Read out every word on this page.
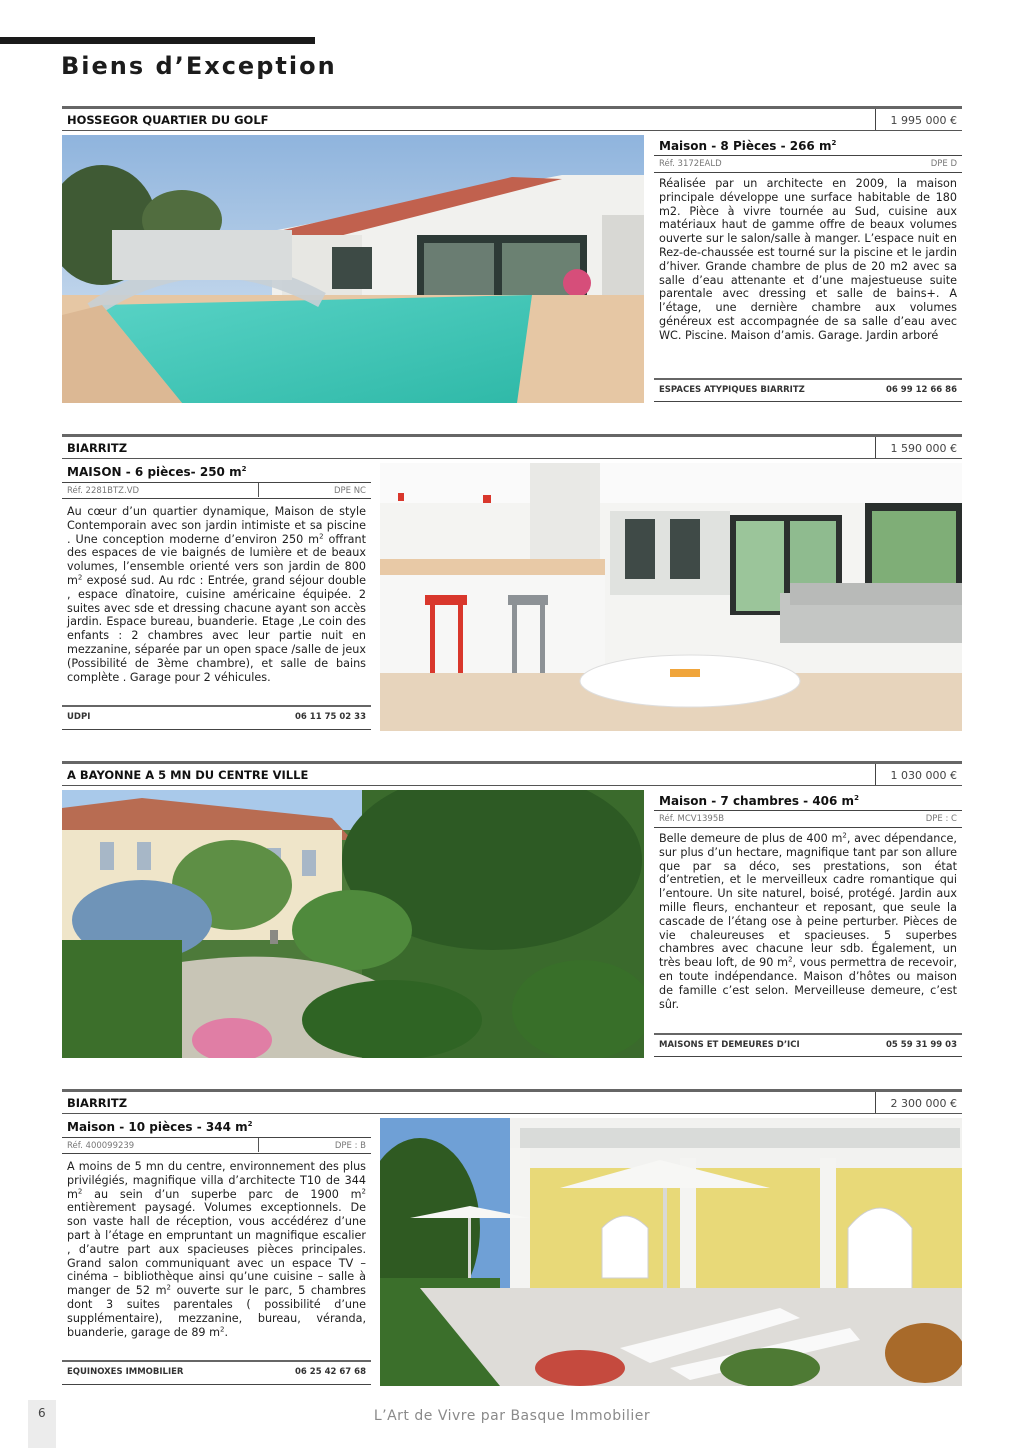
Biens d’Exception
HOSSEGOR QUARTIER DU GOLF	1 995 000 €
Maison - 8 Pièces - 266 $m^2$
Réf. 3172EALD	DPE D
Réalisée par un architecte en 2009, la maison principale développe une surface habitable de 180 m2. Pièce à vivre tournée au Sud, cuisine aux matériaux haut de gamme offre de beaux volumes ouverte sur le salon/salle à manger. L’espace nuit en Rez-de-chaussée est tourné sur la piscine et le jardin d’hiver. Grande chambre de plus de 20 m2 avec sa salle d’eau attenante et d’une majestueuse suite parentale avec dressing et salle de bains+. A l’étage, une dernière chambre aux volumes généreux est accompagnée de sa salle d’eau avec WC. Piscine. Maison d’amis. Garage. Jardin arboré
ESPACES ATYPIQUES BIARRITZ	06 99 12 66 86
BIARRITZ	1 590 000 €
MAISON - 6 pièces- 250 $m^2$
Réf. 2281BTZ.VD	DPE NC
Au cœur d’un quartier dynamique, Maison de style Contemporain avec son jardin intimiste et sa piscine . Une conception moderne d’environ 250 $m^2$ offrant des espaces de vie baignés de lumière et de beaux volumes, l’ensemble orienté vers son jardin de 800 $m^2$ exposé sud. Au rdc : Entrée, grand séjour double , espace dînatoire, cuisine américaine équipée. 2 suites avec sde et dressing chacune ayant son accès jardin. Espace bureau, buanderie. Etage ,Le coin des enfants : 2 chambres avec leur partie nuit en mezzanine, séparée par un open space /salle de jeux (Possibilité de 3ème chambre), et salle de bains complète . Garage pour 2 véhicules.
UDPI	06 11 75 02 33
A BAYONNE A 5 MN DU CENTRE VILLE	1 030 000 €
Maison - 7 chambres - 406 $m^2$
Réf. MCV1395B	DPE : C
Belle demeure de plus de 400 $m^2$, avec dépendance, sur plus d’un hectare, magnifique tant par son allure que par sa déco, ses prestations, son état d’entretien, et le merveilleux cadre romantique qui l’entoure. Un site naturel, boisé, protégé. Jardin aux mille fleurs, enchanteur et reposant, que seule la cascade de l’étang ose à peine perturber. Pièces de vie chaleureuses et spacieuses. 5 superbes chambres avec chacune leur sdb. Également, un très beau loft, de 90 $m^2$, vous permettra de recevoir, en toute indépendance. Maison d’hôtes ou maison de famille c’est selon. Merveilleuse demeure, c’est sûr.
MAISONS ET DEMEURES D’ICI	05 59 31 99 03
BIARRITZ	2 300 000 €
Maison - 10 pièces - 344 $m^2$
Réf. 400099239	DPE : B
A moins de 5 mn du centre, environnement des plus privilégiés, magnifique villa d’architecte T10 de 344 $m^2$ au sein d’un superbe parc de 1900 $m^2$ entièrement paysagé. Volumes exceptionnels. De son vaste hall de réception, vous accédérez d’une part à l’étage en empruntant un magnifique escalier , d’autre part aux spacieuses pièces principales. Grand salon communiquant avec un espace TV – cinéma – bibliothèque ainsi qu’une cuisine – salle à manger de 52 $m^2$ ouverte sur le parc, 5 chambres dont 3 suites parentales ( possibilité d’une supplémentaire), mezzanine, bureau, véranda, buanderie, garage de 89 $m^2$.
EQUINOXES IMMOBILIER	06 25 42 67 68
6	L’Art de Vivre par Basque Immobilier
